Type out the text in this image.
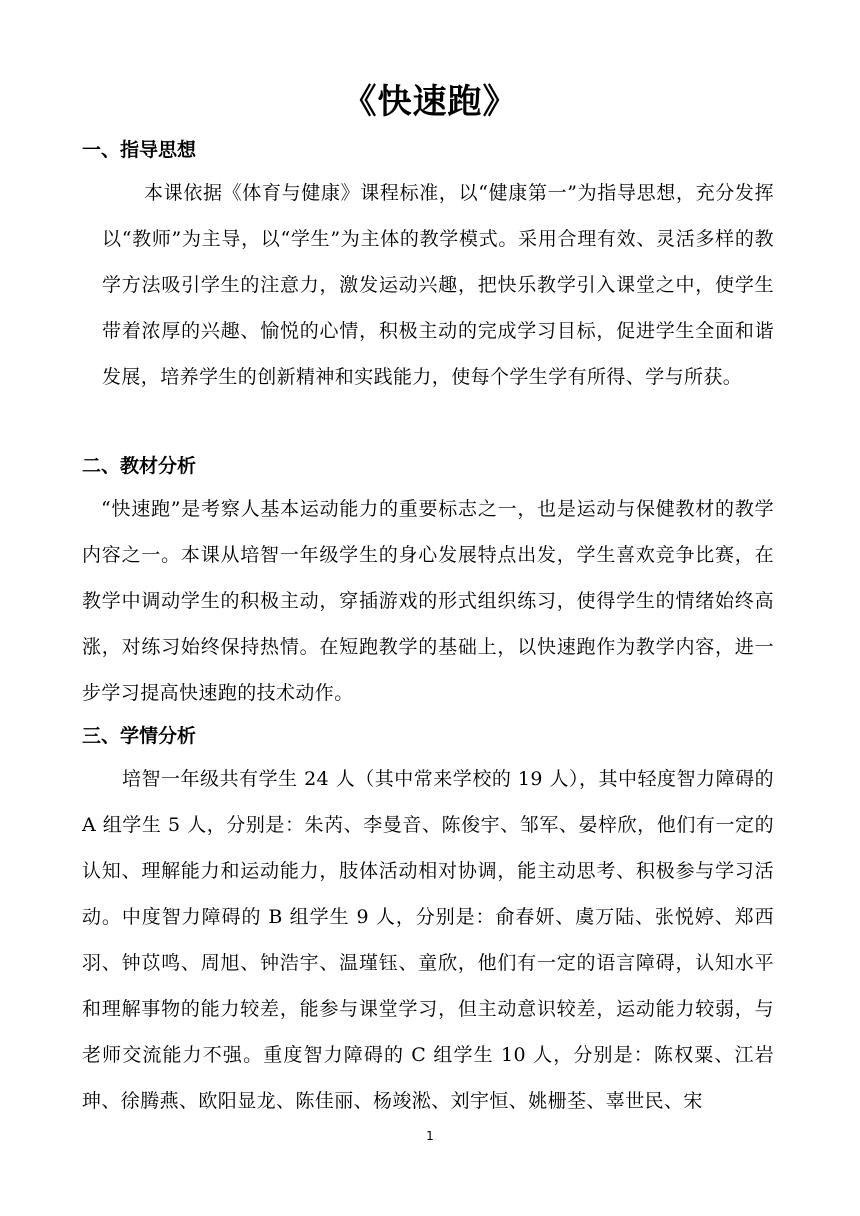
《快速跑》
一、指导思想
本课依据《体育与健康》课程标准，以“健康第一”为指导思想，充分发挥以“教师”为主导，以“学生”为主体的教学模式。采用合理有效、灵活多样的教学方法吸引学生的注意力，激发运动兴趣，把快乐教学引入课堂之中，使学生带着浓厚的兴趣、愉悦的心情，积极主动的完成学习目标，促进学生全面和谐发展，培养学生的创新精神和实践能力，使每个学生学有所得、学与所获。
二、教材分析
“快速跑”是考察人基本运动能力的重要标志之一，也是运动与保健教材的教学内容之一。本课从培智一年级学生的身心发展特点出发，学生喜欢竞争比赛，在教学中调动学生的积极主动，穿插游戏的形式组织练习，使得学生的情绪始终高涨，对练习始终保持热情。在短跑教学的基础上，以快速跑作为教学内容，进一步学习提高快速跑的技术动作。
三、学情分析
培智一年级共有学生 24 人（其中常来学校的 19 人），其中轻度智力障碍的 A 组学生 5 人，分别是：朱芮、李曼音、陈俊宇、邹军、晏梓欣，他们有一定的认知、理解能力和运动能力，肢体活动相对协调，能主动思考、积极参与学习活动。中度智力障碍的 B 组学生 9 人，分别是：俞春妍、虞万陆、张悦婷、郑西羽、钟苡鸣、周旭、钟浩宇、温瑾钰、童欣，他们有一定的语言障碍，认知水平和理解事物的能力较差，能参与课堂学习，但主动意识较差，运动能力较弱，与老师交流能力不强。重度智力障碍的 C 组学生 10 人，分别是：陈权粟、江岩珅、徐腾燕、欧阳显龙、陈佳丽、杨竣淞、刘宇恒、姚栅荃、辜世民、宋
1
